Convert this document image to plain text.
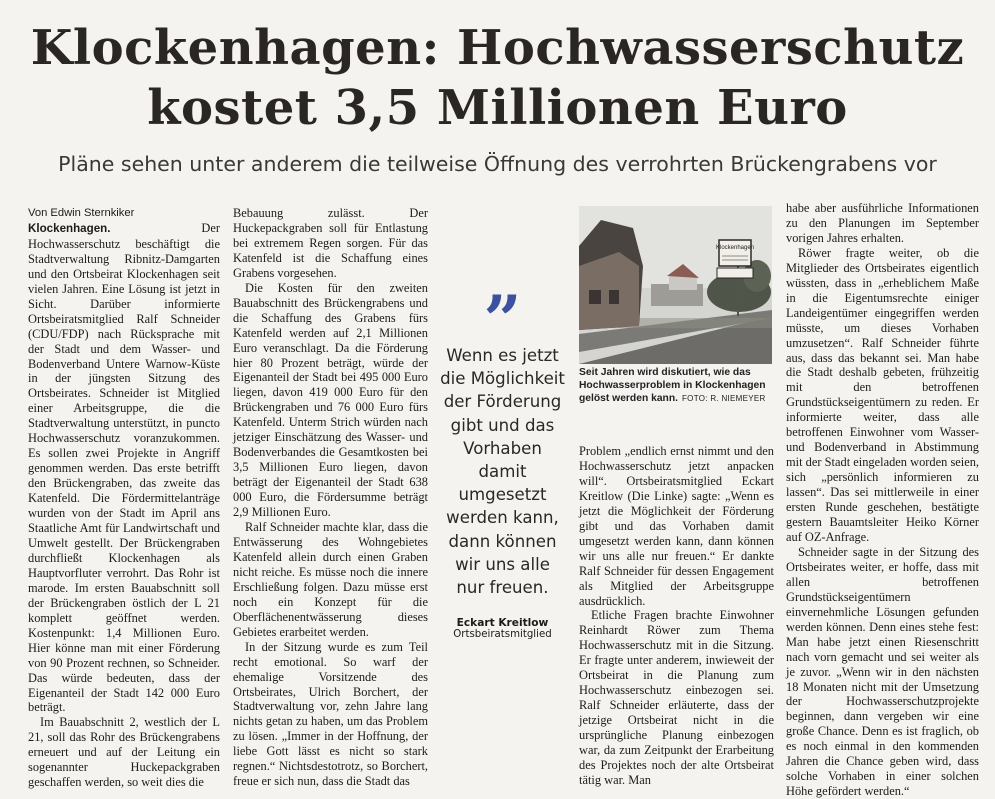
Klockenhagen: Hochwasserschutz
kostet 3,5 Millionen Euro
Pläne sehen unter anderem die teilweise Öffnung des verrohrten Brückengrabens vor

Von Edwin Sternkiker

Klockenhagen.	Der Hochwasserschutz beschäftigt die Stadtverwaltung Ribnitz-Damgarten und den Ortsbeirat Klockenhagen seit vielen Jahren. Eine Lösung ist jetzt in Sicht. Darüber informierte Ortsbeiratsmitglied Ralf Schneider (CDU/FDP) nach Rücksprache mit der Stadt und dem Wasser- und Bodenverband Untere Warnow-Küste in der jüngsten Sitzung des Ortsbeirates. Schneider ist Mitglied einer Arbeitsgruppe, die die Stadtverwaltung unterstützt, in puncto Hochwasserschutz voranzukommen. Es sollen zwei Projekte in Angriff genommen werden. Das erste betrifft den Brückengraben, das zweite das Katenfeld. Die Fördermittelanträge wurden von der Stadt im April ans Staatliche Amt für Landwirtschaft und Umwelt gestellt. Der Brückengraben durchfließt Klockenhagen als Hauptvorfluter verrohrt. Das Rohr ist marode. Im ersten Bauabschnitt soll der Brückengraben östlich der L 21 komplett geöffnet werden. Kostenpunkt: 1,4 Millionen Euro. Hier könne man mit einer Förderung von 90 Prozent rechnen, so Schneider. Das würde bedeuten, dass der Eigenanteil der Stadt 142 000 Euro beträgt.

Im Bauabschnitt 2, westlich der L 21, soll das Rohr des Brückengrabens erneuert und auf der Leitung ein sogenannter Huckepackgraben geschaffen werden, so weit dies die

Bebauung zulässt. Der Huckepackgraben soll für Entlastung bei extremem Regen sorgen. Für das Katenfeld ist die Schaffung eines Grabens vorgesehen.

Die Kosten für den zweiten Bauabschnitt des Brückengrabens und die Schaffung des Grabens fürs Katenfeld werden auf 2,1 Millionen Euro veranschlagt. Da die Förderung hier 80 Prozent beträgt, würde der Eigenanteil der Stadt bei 495 000 Euro liegen, davon 419 000 Euro für den Brückengraben und 76 000 Euro fürs Katenfeld. Unterm Strich würden nach jetziger Einschätzung des Wasser- und Bodenverbandes die Gesamtkosten bei 3,5 Millionen Euro liegen, davon beträgt der Eigenanteil der Stadt 638 000 Euro, die Fördersumme beträgt 2,9 Millionen Euro.

Ralf Schneider machte klar, dass die Entwässerung des Wohngebietes Katenfeld allein durch einen Graben nicht reiche. Es müsse noch die innere Erschließung folgen. Dazu müsse erst noch ein Konzept für die Oberflächenentwässerung dieses Gebietes erarbeitet werden.

In der Sitzung wurde es zum Teil recht emotional. So warf der ehemalige Vorsitzende des Ortsbeirates, Ulrich Borchert, der Stadtverwaltung vor, zehn Jahre lang nichts getan zu haben, um das Problem zu lösen. „Immer in der Hoffnung, der liebe Gott lässt es nicht so stark regnen.“ Nichtsdestotrotz, so Borchert, freue er sich nun, dass die Stadt das

”
Wenn es jetzt die Möglichkeit der Förderung gibt und das Vorhaben damit umgesetzt werden kann, dann können wir uns alle nur freuen.
Eckart Kreitlow
Ortsbeiratsmitglied
Klockenhagen
Seit Jahren wird diskutiert, wie das Hochwasserproblem in Klockenhagen gelöst werden kann. FOTO: R. NIEMEYER

Problem „endlich ernst nimmt und den Hochwasserschutz jetzt anpacken will“. Ortsbeiratsmitglied Eckart Kreitlow (Die Linke) sagte: „Wenn es jetzt die Möglichkeit der Förderung gibt und das Vorhaben damit umgesetzt werden kann, dann können wir uns alle nur freuen.“ Er dankte Ralf Schneider für dessen Engagement als Mitglied der Arbeitsgruppe ausdrücklich.

Etliche Fragen brachte Einwohner Reinhardt Röwer zum Thema Hochwasserschutz mit in die Sitzung. Er fragte unter anderem, inwieweit der Ortsbeirat in die Planung zum Hochwasserschutz einbezogen sei. Ralf Schneider erläuterte, dass der jetzige Ortsbeirat nicht in die ursprüngliche Planung einbezogen war, da zum Zeitpunkt der Erarbeitung des Projektes noch der alte Ortsbeirat tätig war. Man

habe aber ausführliche Informationen zu den Planungen im September vorigen Jahres erhalten.

Röwer fragte weiter, ob die Mitglieder des Ortsbeirates eigentlich wüssten, dass in „erheblichem Maße in die Eigentumsrechte einiger Landeigentümer eingegriffen werden müsste, um dieses Vorhaben umzusetzen“. Ralf Schneider führte aus, dass das bekannt sei. Man habe die Stadt deshalb gebeten, frühzeitig mit den betroffenen Grundstückseigentümern zu reden. Er informierte weiter, dass alle betroffenen Einwohner vom Wasser- und Bodenverband in Abstimmung mit der Stadt eingeladen worden seien, sich „persönlich informieren zu lassen“. Das sei mittlerweile in einer ersten Runde geschehen, bestätigte gestern Bauamtsleiter Heiko Körner auf OZ-Anfrage.

Schneider sagte in der Sitzung des Ortsbeirates weiter, er hoffe, dass mit allen betroffenen Grundstückseigentümern einvernehmliche Lösungen gefunden werden können. Denn eines stehe fest: Man habe jetzt einen Riesenschritt nach vorn gemacht und sei weiter als je zuvor. „Wenn wir in den nächsten 18 Monaten nicht mit der Umsetzung der Hochwasserschutzprojekte beginnen, dann vergeben wir eine große Chance. Denn es ist fraglich, ob es noch einmal in den kommenden Jahren die Chance geben wird, dass solche Vorhaben in einer solchen Höhe gefördert werden.“
